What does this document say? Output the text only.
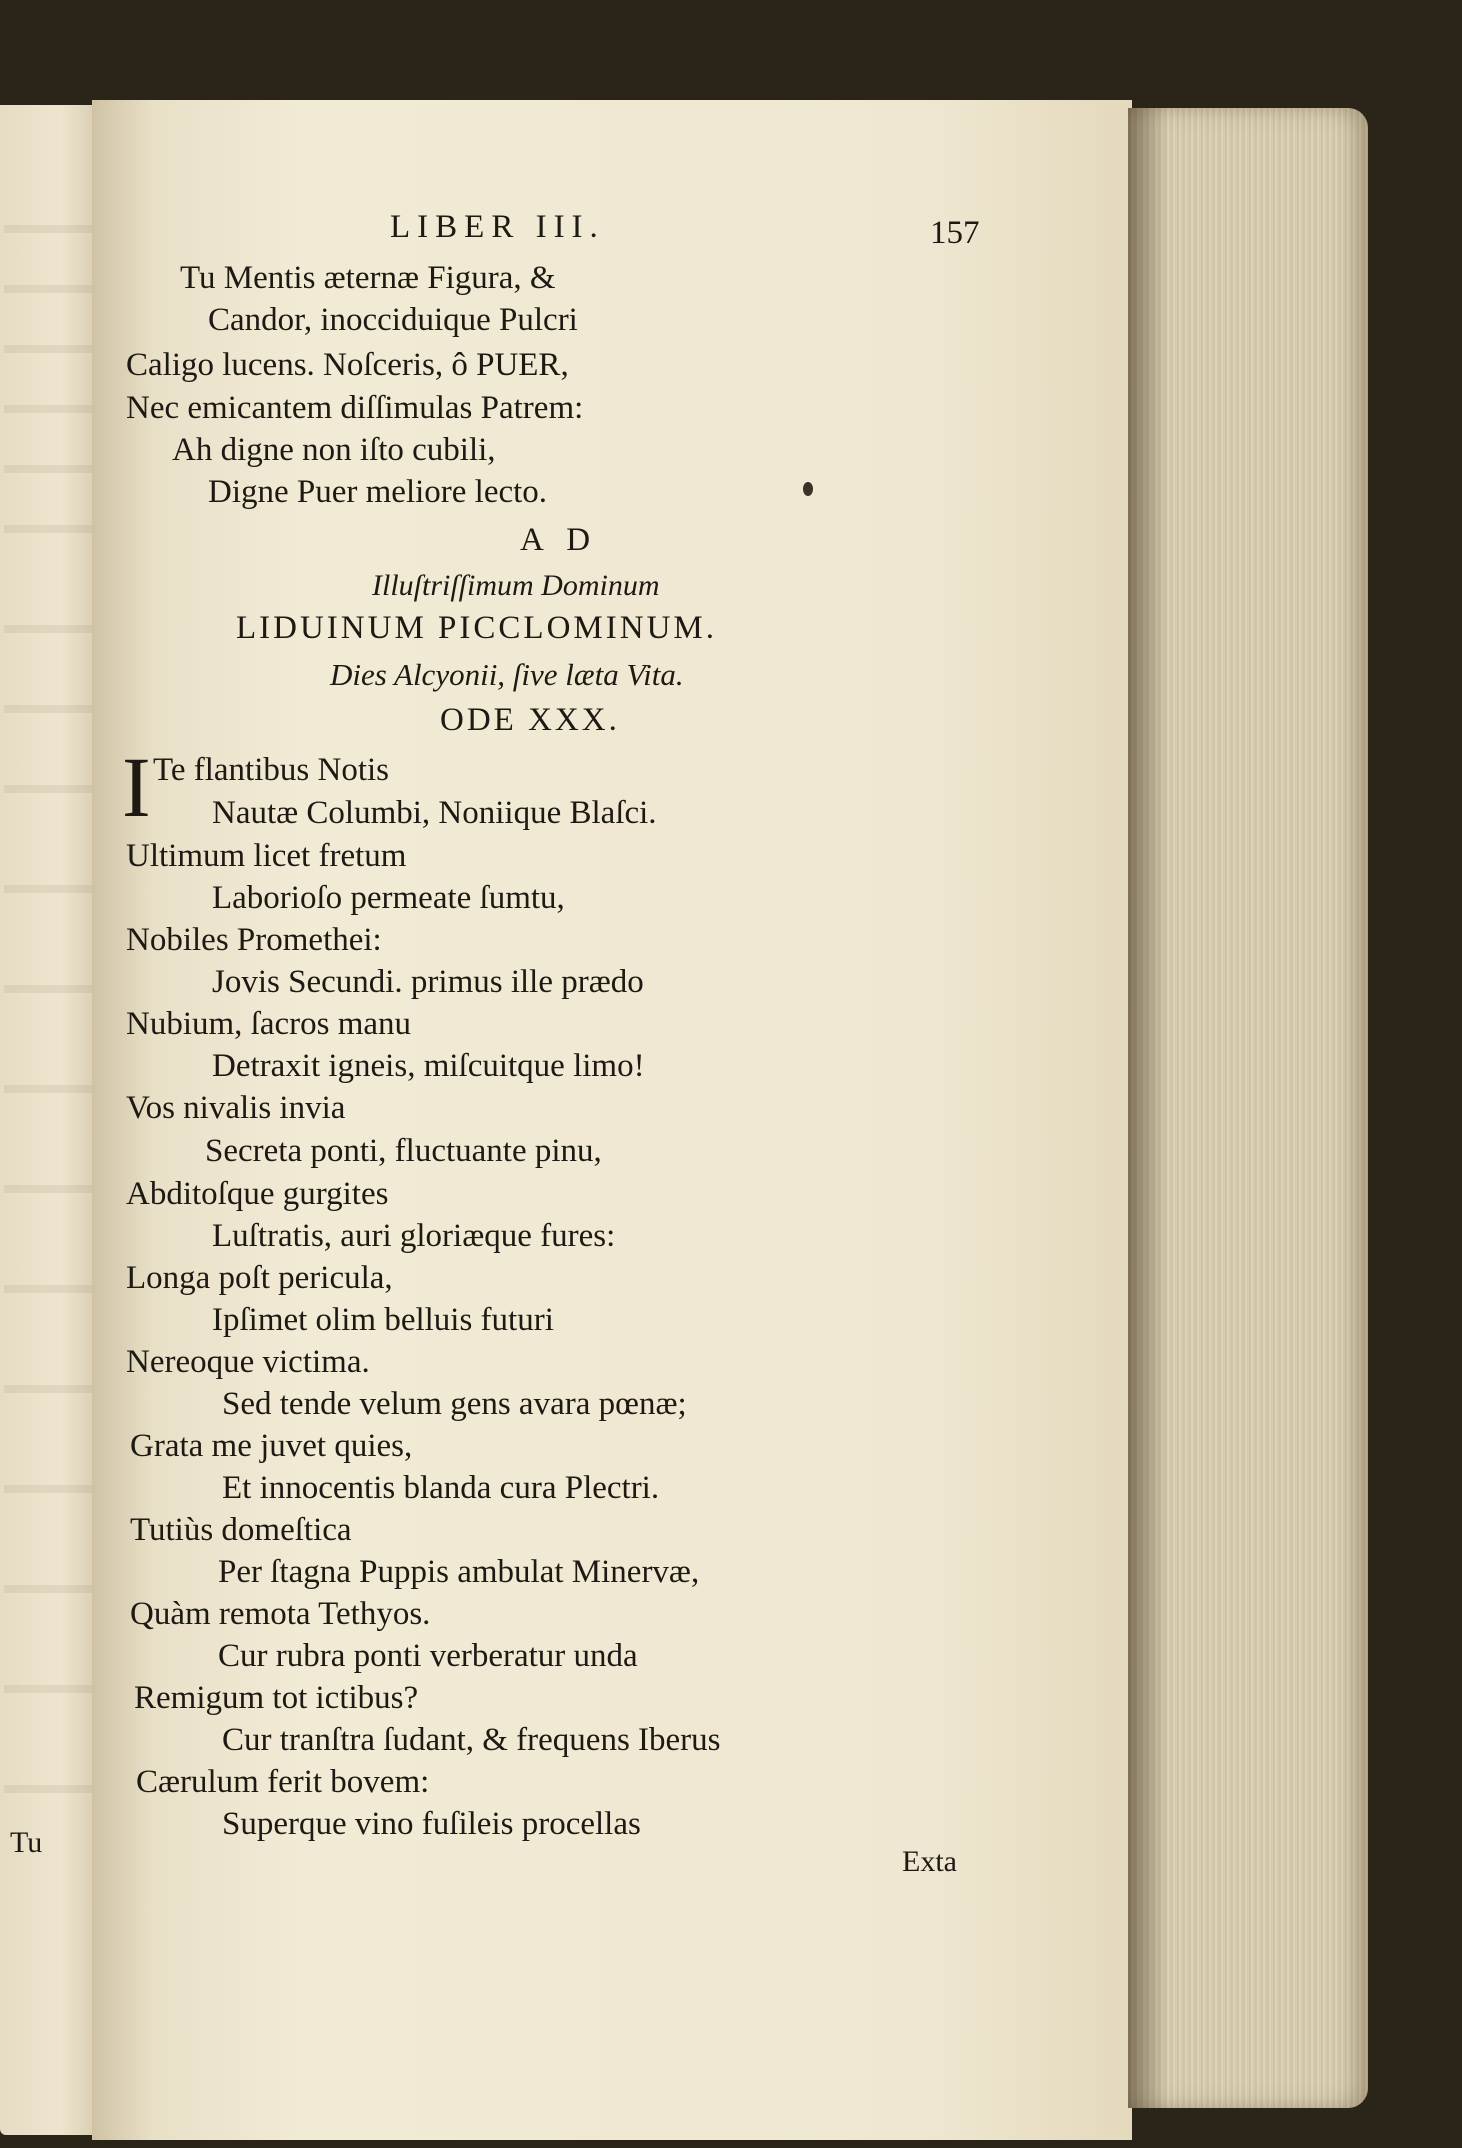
Tu
LIBER III.	157
Tu Mentis æternæ Figura, &
Candor, inocciduique Pulcri
Caligo lucens. Noſceris, ô PUER,
Nec emicantem diſſimulas Patrem:
Ah digne non iſto cubili,
Digne Puer meliore lecto.
A D
Illuſtriſſimum Dominum
LIDUINUM PICCLOMINUM.
Dies Alcyonii, ſive læta Vita.
ODE XXX.
I Te flantibus Notis
Nautæ Columbi, Noniique Blaſci.
Ultimum licet fretum
Laborioſo permeate ſumtu,
Nobiles Promethei:
Jovis Secundi. primus ille prædo
Nubium, ſacros manu
Detraxit igneis, miſcuitque limo!
Vos nivalis invia
Secreta ponti, fluctuante pinu,
Abditoſque gurgites
Luſtratis, auri gloriæque fures:
Longa poſt pericula,
Ipſimet olim belluis futuri
Nereoque victima.
Sed tende velum gens avara pœnæ;
Grata me juvet quies,
Et innocentis blanda cura Plectri.
Tutiùs domeſtica
Per ſtagna Puppis ambulat Minervæ,
Quàm remota Tethyos.
Cur rubra ponti verberatur unda
Remigum tot ictibus?
Cur tranſtra ſudant, & frequens Iberus
Cærulum ferit bovem:
Superque vino fuſileis procellas
Exta
